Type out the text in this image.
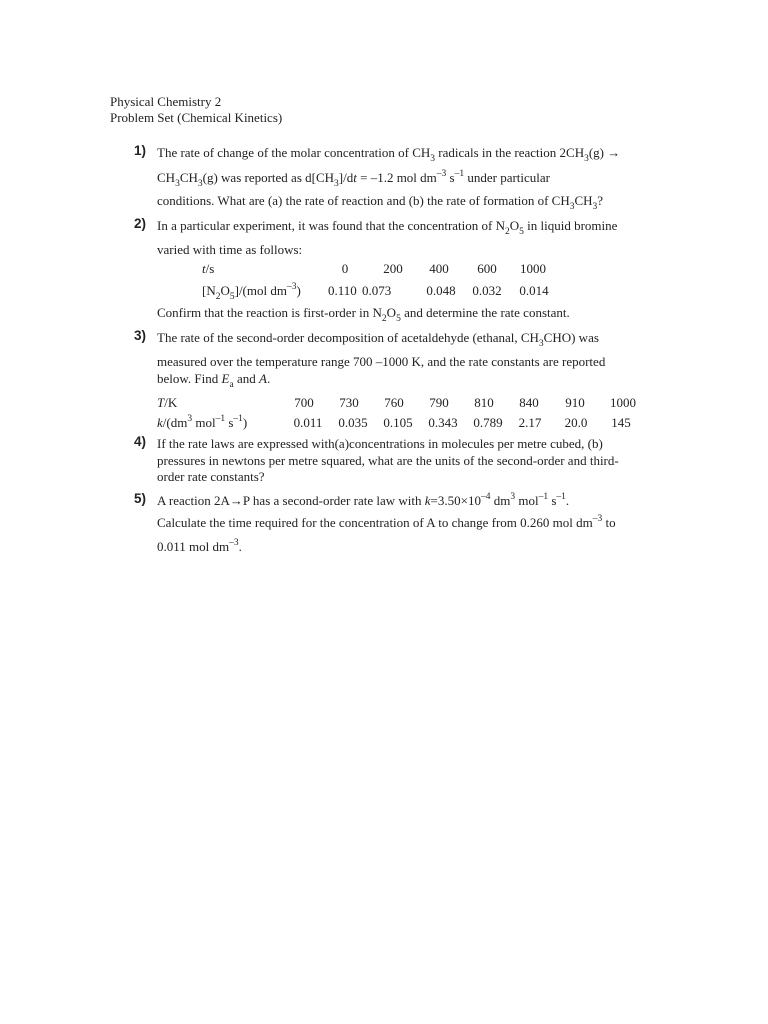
Physical Chemistry 2
Problem Set (Chemical Kinetics)
1) The rate of change of the molar concentration of $CH_3$ radicals in the reaction $2CH_3(g)$ →
$CH_3CH_3(g)$ was reported as $d[CH_3]/dt = -1.2$ mol $dm^{-3}$ $s^{-1}$ under particular
conditions. What are (a) the rate of reaction and (b) the rate of formation of $CH_3CH_3$?
2) In a particular experiment, it was found that the concentration of $N_2O_5$ in liquid bromine
varied with time as follows:
t/s	0	200 400 600 1000
$[N_2O_5]/(mol$ $dm^{-3}$) 0.110 0.073	0.048 0.032 0.014
Confirm that the reaction is first-order in $N_2O_5$ and determine the rate constant.
3) The rate of the second-order decomposition of acetaldehyde (ethanal, $CH_3CHO$) was
measured over the temperature range 700 –1000 K, and the rate constants are reported
below. Find $E_a$ and A.
T/K	700 730 760 790 810 840 910 1000
$k/(dm^3$ mol$^{-1}$ $s^{-1}$)	0.011 0.035 0.105 0.343 0.789 2.17 20.0 145
4) If the rate laws are expressed with(a)concentrations in molecules per metre cubed, (b)
pressures in newtons per metre squared, what are the units of the second-order and third-
order rate constants?
5) A reaction 2A→P has a second-order rate law with $k=3.50\times 10^{-4}$ $dm^3$ mol$^{-1}$ $s^{-1}$.
Calculate the time required for the concentration of A to change from 0.260 mol $dm^{-3}$ to
0.011 mol $dm^{-3}$.
